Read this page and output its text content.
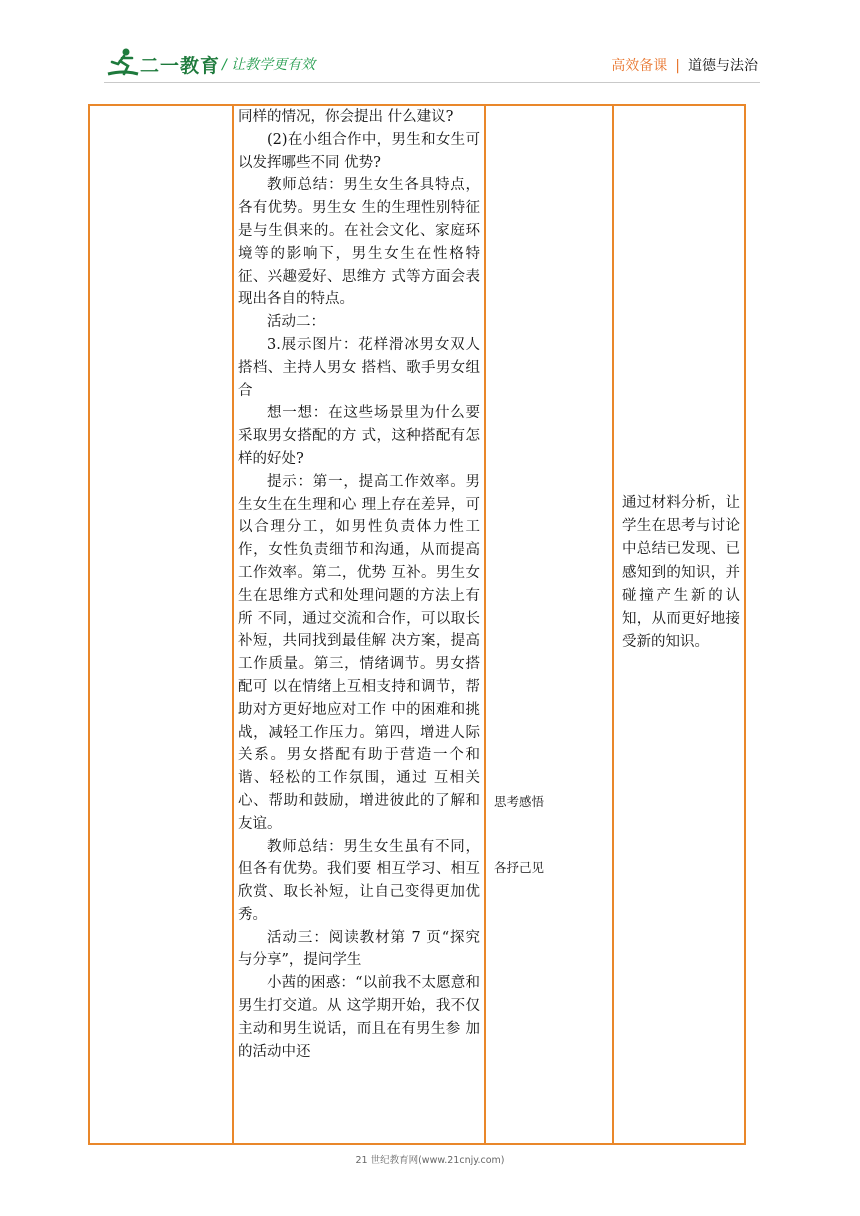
二一教育 / 让教学更有效	高效备课 | 道德与法治

同样的情况，你会提出 什么建议?

(2)在小组合作中，男生和女生可以发挥哪些不同 优势?

教师总结：男生女生各具特点，各有优势。男生女 生的生理性别特征是与生俱来的。在社会文化、家庭环 境等的影响下，男生女生在性格特征、兴趣爱好、思维方 式等方面会表现出各自的特点。

活动二：

3.展示图片：花样滑冰男女双人搭档、主持人男女 搭档、歌手男女组合

想一想：在这些场景里为什么要采取男女搭配的方 式，这种搭配有怎样的好处?

提示：第一，提高工作效率。男生女生在生理和心 理上存在差异，可以合理分工，如男性负责体力性工作，女性负责细节和沟通，从而提高工作效率。第二，优势 互补。男生女生在思维方式和处理问题的方法上有所 不同，通过交流和合作，可以取长补短，共同找到最佳解 决方案，提高工作质量。第三，情绪调节。男女搭配可 以在情绪上互相支持和调节，帮助对方更好地应对工作 中的困难和挑战，减轻工作压力。第四，增进人际关系。男女搭配有助于营造一个和谐、轻松的工作氛围，通过 互相关心、帮助和鼓励，增进彼此的了解和友谊。

教师总结：男生女生虽有不同，但各有优势。我们要 相互学习、相互欣赏、取长补短，让自己变得更加优秀。

活动三：阅读教材第 7 页“探究与分享”，提问学生

小茜的困惑：“以前我不太愿意和男生打交道。从 这学期开始，我不仅主动和男生说话，而且在有男生参 加的活动中还

思考感悟
各抒己见
通过材料分析，让学生在思考与讨论中总结已发现、已感知到的知识，并碰撞产生新的认知，从而更好地接受新的知识。
21 世纪教育网(www.21cnjy.com)
